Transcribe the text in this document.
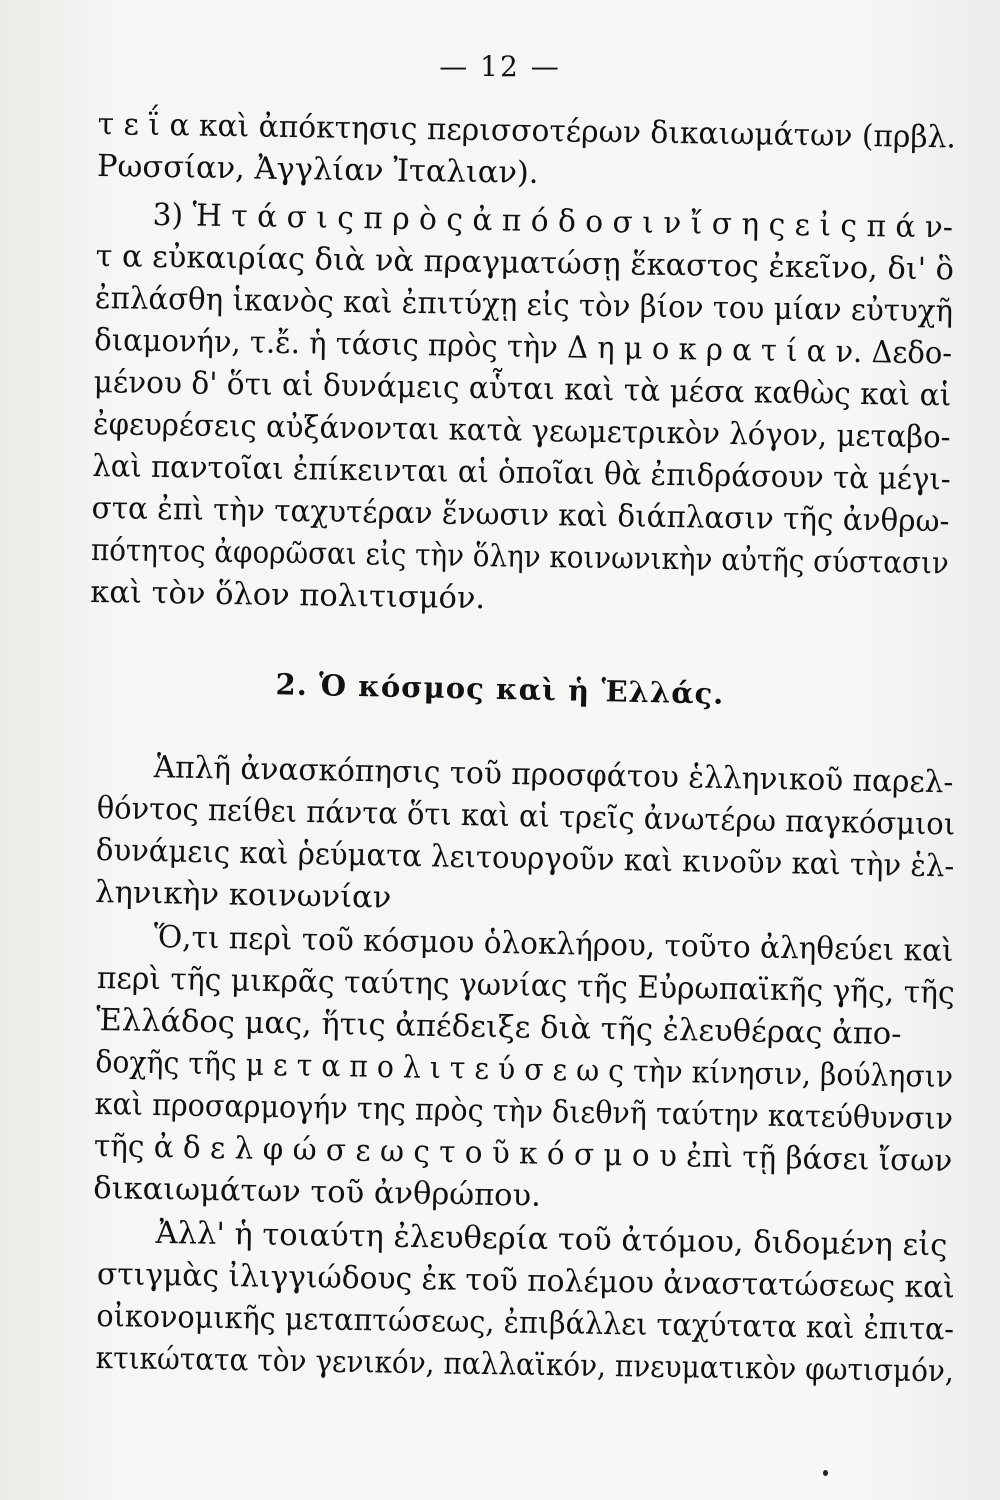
— 12 —
τ ε ΐ α καὶ ἀπόκτησις περισσοτέρων δικαιωμάτων (πρβλ.
Ρωσσίαν, Ἀγγλίαν Ἰταλιαν).
3) Ἡ τ ά σ ι ς π ρ ὸ ς ἀ π ό δ ο σ ι ν ἴ σ η ς ε ἰ ς π ά ν-
τ α εὐκαιρίας διὰ νὰ πραγματώσῃ ἕκαστος ἐκεῖνο, δι' ὃ
ἐπλάσθη ἱκανὸς καὶ ἐπιτύχῃ εἰς τὸν βίον του μίαν εὐτυχῆ
διαμονήν, τ.ἔ. ἡ τάσις πρὸς τὴν Δ η μ ο κ ρ α τ ί α ν. Δεδο-
μένου δ' ὅτι αἱ δυνάμεις αὗται καὶ τὰ μέσα καθὼς καὶ αἱ
ἐφευρέσεις αὐξάνονται κατὰ γεωμετρικὸν λόγον, μεταβο-
λαὶ παντοῖαι ἐπίκεινται αἱ ὁποῖαι θὰ ἐπιδράσουν τὰ μέγι-
στα ἐπὶ τὴν ταχυτέραν ἕνωσιν καὶ διάπλασιν τῆς ἀνθρω-
πότητος ἀφορῶσαι εἰς τὴν ὅλην κοινωνικὴν αὐτῆς σύστασιν
καὶ τὸν ὅλον πολιτισμόν.
2. Ὁ κόσμος καὶ ἡ Ἑλλάς.
Ἁπλῆ ἀνασκόπησις τοῦ προσφάτου ἑλληνικοῦ παρελ-
θόντος πείθει πάντα ὅτι καὶ αἱ τρεῖς ἀνωτέρω παγκόσμιοι
δυνάμεις καὶ ῥεύματα λειτουργοῦν καὶ κινοῦν καὶ τὴν ἑλ-
ληνικὴν κοινωνίαν
Ὅ,τι περὶ τοῦ κόσμου ὁλοκλήρου, τοῦτο ἀληθεύει καὶ
περὶ τῆς μικρᾶς ταύτης γωνίας τῆς Εὐρωπαϊκῆς γῆς, τῆς
Ἑλλάδος μας, ἥτις ἀπέδειξε διὰ τῆς ἐλευθέρας ἀπο-
δοχῆς τῆς μ ε τ α π ο λ ι τ ε ύ σ ε ω ς τὴν κίνησιν, βούλησιν
καὶ προσαρμογήν της πρὸς τὴν διεθνῆ ταύτην κατεύθυνσιν
τῆς ἀ δ ε λ φ ώ σ ε ω ς τ ο ῦ κ ό σ μ ο υ ἐπὶ τῇ βάσει ἴσων
δικαιωμάτων τοῦ ἀνθρώπου.
Ἀλλ' ἡ τοιαύτη ἐλευθερία τοῦ ἀτόμου, διδομένη εἰς
στιγμὰς ἰλιγγιώδους ἐκ τοῦ πολέμου ἀναστατώσεως καὶ
οἰκονομικῆς μεταπτώσεως, ἐπιβάλλει ταχύτατα καὶ ἐπιτα-
κτικώτατα τὸν γενικόν, παλλαϊκόν, πνευματικὸν φωτισμόν,
